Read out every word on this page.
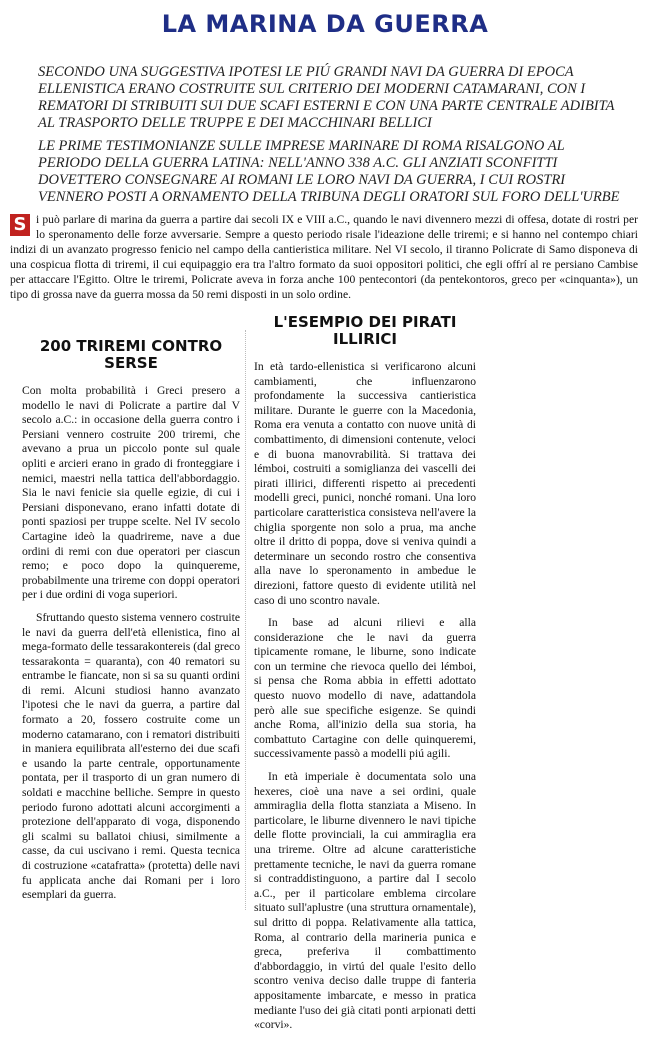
LA MARINA DA GUERRA

SECONDO UNA SUGGESTIVA IPOTESI LE PIÚ GRANDI NAVI DA GUERRA DI EPOCA ELLENISTICA ERANO COSTRUITE SUL CRITERIO DEI MODERNI CATAMARANI, CON I REMATORI DI STRIBUITI SUI DUE SCAFI ESTERNI E CON UNA PARTE CENTRALE ADIBITA AL TRASPORTO DELLE TRUPPE E DEI MACCHINARI BELLICI

LE PRIME TESTIMONIANZE SULLE IMPRESE MARINARE DI ROMA RISALGONO AL PERIODO DELLA GUERRA LATINA: NELL'ANNO 338 A.C. GLI ANZIATI SCONFITTI DOVETTERO CONSEGNARE AI ROMANI LE LORO NAVI DA GUERRA, I CUI ROSTRI VENNERO POSTI A ORNAMENTO DELLA TRIBUNA DEGLI ORATORI SUL FORO DELL'URBE

S i può parlare di marina da guerra a partire dai secoli IX e VIII a.C., quando le navi divennero mezzi di offesa, dotate di rostri per lo speronamento delle forze avversarie. Sempre a questo periodo risale l'ideazione delle triremi; e si hanno nel contempo chiari indizi di un avanzato progresso fenicio nel campo della cantieristica militare. Nel VI secolo, il tiranno Policrate di Samo disponeva di una cospicua flotta di triremi, il cui equipaggio era tra l'altro formato da suoi oppositori politici, che egli offrí al re persiano Cambise per attaccare l'Egitto. Oltre le triremi, Policrate aveva in forza anche 100 pentecontori (da pentekontoros, greco per «cinquanta»), un tipo di grossa nave da guerra mossa da 50 remi disposti in un solo ordine.
200 TRIREMI CONTRO SERSE

Con molta probabilità i Greci presero a modello le navi di Policrate a partire dal V secolo a.C.: in occasione della guerra contro i Persiani vennero costruite 200 triremi, che avevano a prua un piccolo ponte sul quale opliti e arcieri erano in grado di fronteggiare i nemici, maestri nella tattica dell'abbordaggio. Sia le navi fenicie sia quelle egizie, di cui i Persiani disponevano, erano infatti dotate di ponti spaziosi per truppe scelte. Nel IV secolo Cartagine ideò la quadrireme, nave a due ordini di remi con due operatori per ciascun remo; e poco dopo la quinquereme, probabilmente una trireme con doppi operatori per i due ordini di voga superiori.

Sfruttando questo sistema vennero costruite le navi da guerra dell'età ellenistica, fino al mega-formato delle tessarakontereis (dal greco tessarakonta = quaranta), con 40 rematori su entrambe le fiancate, non si sa su quanti ordini di remi. Alcuni studiosi hanno avanzato l'ipotesi che le navi da guerra, a partire dal formato a 20, fossero costruite come un moderno catamarano, con i rematori distribuiti in maniera equilibrata all'esterno dei due scafi e usando la parte centrale, opportunamente pontata, per il trasporto di un gran numero di soldati e macchine belliche. Sempre in questo periodo furono adottati alcuni accorgimenti a protezione dell'apparato di voga, disponendo gli scalmi su ballatoi chiusi, similmente a casse, da cui uscivano i remi. Questa tecnica di costruzione «catafratta» (protetta) delle navi fu applicata anche dai Romani per i loro esemplari da guerra.

L'ESEMPIO DEI PIRATI ILLIRICI

In età tardo-ellenistica si verificarono alcuni cambiamenti, che influenzarono profondamente la successiva cantieristica militare. Durante le guerre con la Macedonia, Roma era venuta a contatto con nuove unità di combattimento, di dimensioni contenute, veloci e di buona manovrabilità. Si trattava dei lémboi, costruiti a somiglianza dei vascelli dei pirati illirici, differenti rispetto ai precedenti modelli greci, punici, nonché romani. Una loro particolare caratteristica consisteva nell'avere la chiglia sporgente non solo a prua, ma anche oltre il dritto di poppa, dove si veniva quindi a determinare un secondo rostro che consentiva alla nave lo speronamento in ambedue le direzioni, fattore questo di evidente utilità nel caso di uno scontro navale.

In base ad alcuni rilievi e alla considerazione che le navi da guerra tipicamente romane, le liburne, sono indicate con un termine che rievoca quello dei lémboi, si pensa che Roma abbia in effetti adottato questo nuovo modello di nave, adattandola però alle sue specifiche esigenze. Se quindi anche Roma, all'inizio della sua storia, ha combattuto Cartagine con delle quinqueremi, successivamente passò a modelli piú agili.

In età imperiale è documentata solo una hexeres, cioè una nave a sei ordini, quale ammiraglia della flotta stanziata a Miseno. In particolare, le liburne divennero le navi tipiche delle flotte provinciali, la cui ammiraglia era una trireme. Oltre ad alcune caratteristiche prettamente tecniche, le navi da guerra romane si contraddistinguono, a partire dal I secolo a.C., per il particolare emblema circolare situato sull'aplustre (una struttura ornamentale), sul dritto di poppa. Relativamente alla tattica, Roma, al contrario della marineria punica e greca, preferiva il combattimento d'abbordaggio, in virtú del quale l'esito dello scontro veniva deciso dalle truppe di fanteria appositamente imbarcate, e messo in pratica mediante l'uso dei già citati ponti arpionati detti «corvi».
